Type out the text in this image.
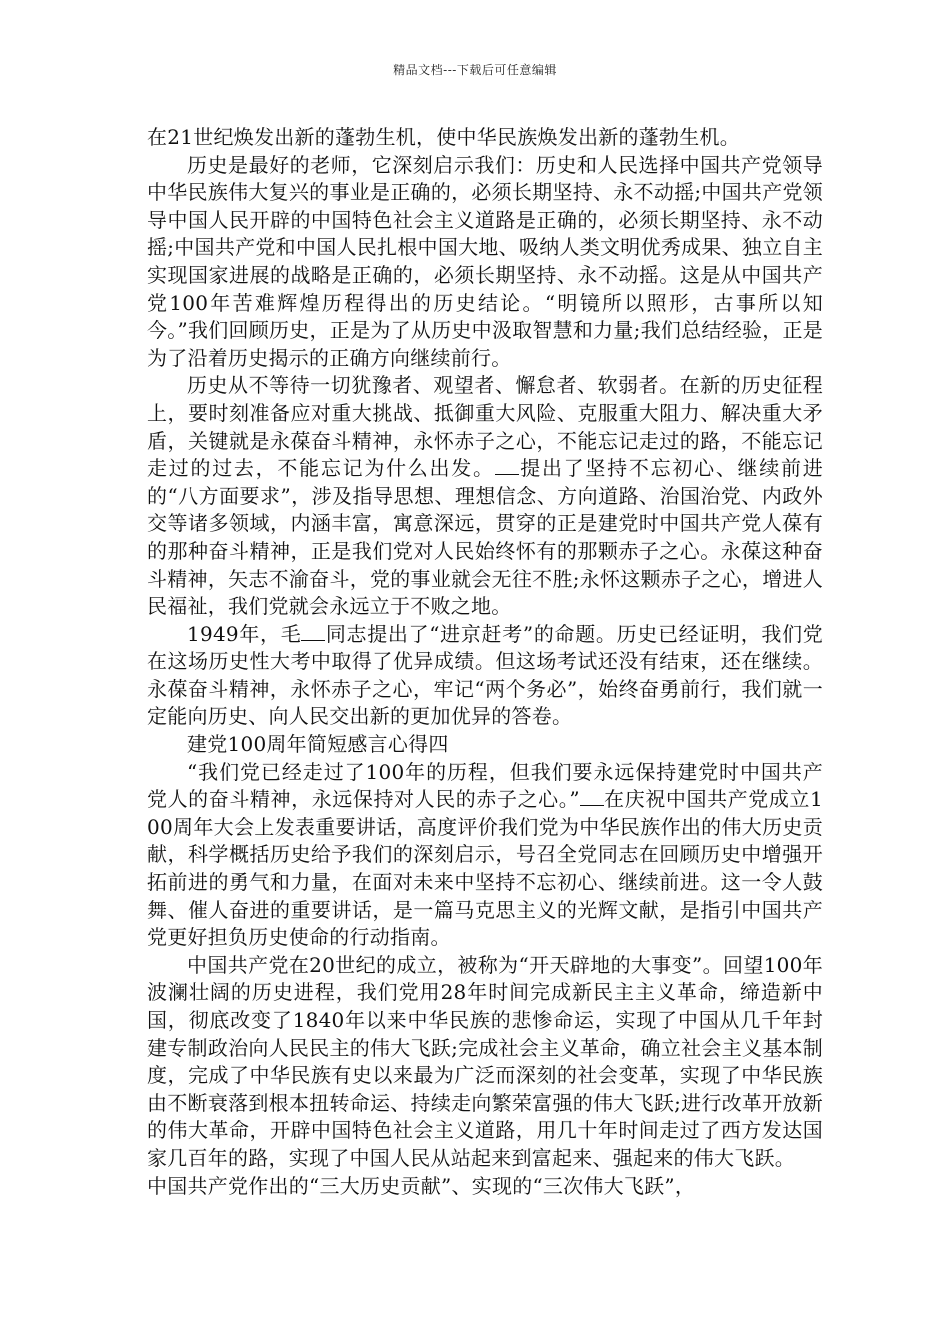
精品文档---下载后可任意编辑

在21世纪焕发出新的蓬勃生机，使中华民族焕发出新的蓬勃生机。

历史是最好的老师，它深刻启示我们：历史和人民选择中国共产党领导中华民族伟大复兴的事业是正确的，必须长期坚持、永不动摇;中国共产党领导中国人民开辟的中国特色社会主义道路是正确的，必须长期坚持、永不动摇;中国共产党和中国人民扎根中国大地、吸纳人类文明优秀成果、独立自主实现国家进展的战略是正确的，必须长期坚持、永不动摇。这是从中国共产党100年苦难辉煌历程得出的历史结论。“明镜所以照形，古事所以知今。”我们回顾历史，正是为了从历史中汲取智慧和力量;我们总结经验，正是为了沿着历史揭示的正确方向继续前行。

历史从不等待一切犹豫者、观望者、懈怠者、软弱者。在新的历史征程上，要时刻准备应对重大挑战、抵御重大风险、克服重大阻力、解决重大矛盾，关键就是永葆奋斗精神，永怀赤子之心，不能忘记走过的路，不能忘记走过的过去，不能忘记为什么出发。 提出了坚持不忘初心、继续前进的“八方面要求”，涉及指导思想、理想信念、方向道路、治国治党、内政外交等诸多领域，内涵丰富，寓意深远，贯穿的正是建党时中国共产党人葆有的那种奋斗精神，正是我们党对人民始终怀有的那颗赤子之心。永葆这种奋斗精神，矢志不渝奋斗，党的事业就会无往不胜;永怀这颗赤子之心，增进人民福祉，我们党就会永远立于不败之地。

1949年，毛 同志提出了“进京赶考”的命题。历史已经证明，我们党在这场历史性大考中取得了优异成绩。但这场考试还没有结束，还在继续。永葆奋斗精神，永怀赤子之心，牢记“两个务必”，始终奋勇前行，我们就一定能向历史、向人民交出新的更加优异的答卷。

建党100周年简短感言心得四

“我们党已经走过了100年的历程，但我们要永远保持建党时中国共产党人的奋斗精神，永远保持对人民的赤子之心。” 在庆祝中国共产党成立100周年大会上发表重要讲话，高度评价我们党为中华民族作出的伟大历史贡献，科学概括历史给予我们的深刻启示，号召全党同志在回顾历史中增强开拓前进的勇气和力量，在面对未来中坚持不忘初心、继续前进。这一令人鼓舞、催人奋进的重要讲话，是一篇马克思主义的光辉文献，是指引中国共产党更好担负历史使命的行动指南。

中国共产党在20世纪的成立，被称为“开天辟地的大事变”。回望100年波澜壮阔的历史进程，我们党用28年时间完成新民主主义革命，缔造新中国，彻底改变了1840年以来中华民族的悲惨命运，实现了中国从几千年封建专制政治向人民民主的伟大飞跃;完成社会主义革命，确立社会主义基本制度，完成了中华民族有史以来最为广泛而深刻的社会变革，实现了中华民族由不断衰落到根本扭转命运、持续走向繁荣富强的伟大飞跃;进行改革开放新的伟大革命，开辟中国特色社会主义道路，用几十年时间走过了西方发达国家几百年的路，实现了中国人民从站起来到富起来、强起来的伟大飞跃。

中国共产党作出的“三大历史贡献”、实现的“三次伟大飞跃”，
